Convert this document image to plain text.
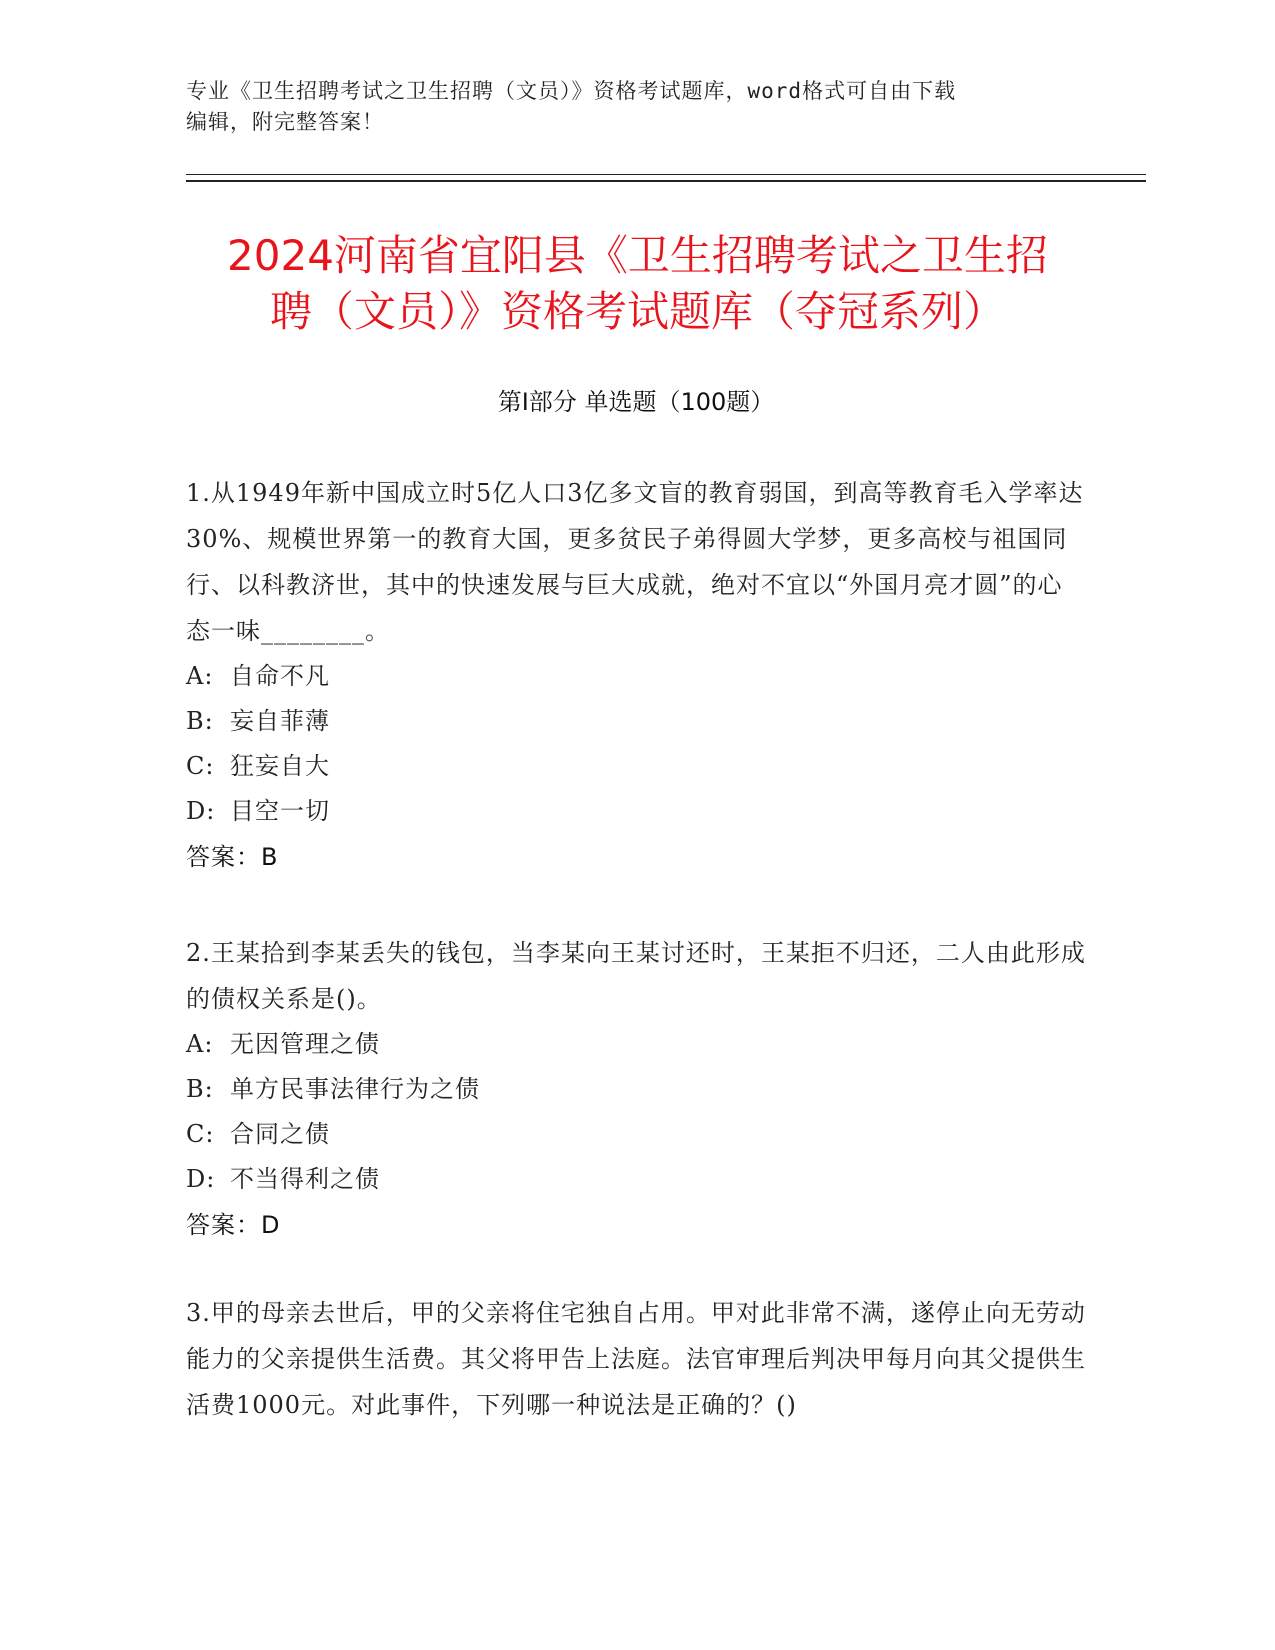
专业《卫生招聘考试之卫生招聘（文员）》资格考试题库，word格式可自由下载
编辑，附完整答案！
2024河南省宜阳县《卫生招聘考试之卫生招
聘（文员）》资格考试题库（夺冠系列）
第I部分 单选题（100题）

1.从1949年新中国成立时5亿人口3亿多文盲的教育弱国，到高等教育毛入学率达30%、规模世界第一的教育大国，更多贫民子弟得圆大学梦，更多高校与祖国同行、以科教济世，其中的快速发展与巨大成就，绝对不宜以“外国月亮才圆”的心态一味________。

A: 自命不凡

B: 妄自菲薄

C: 狂妄自大

D: 目空一切

答案：B

2.王某拾到李某丢失的钱包，当李某向王某讨还时，王某拒不归还，二人由此形成的债权关系是()。

A: 无因管理之债

B: 单方民事法律行为之债

C: 合同之债

D: 不当得利之债

答案：D

3.甲的母亲去世后，甲的父亲将住宅独自占用。甲对此非常不满，遂停止向无劳动能力的父亲提供生活费。其父将甲告上法庭。法官审理后判决甲每月向其父提供生活费1000元。对此事件，下列哪一种说法是正确的？()
